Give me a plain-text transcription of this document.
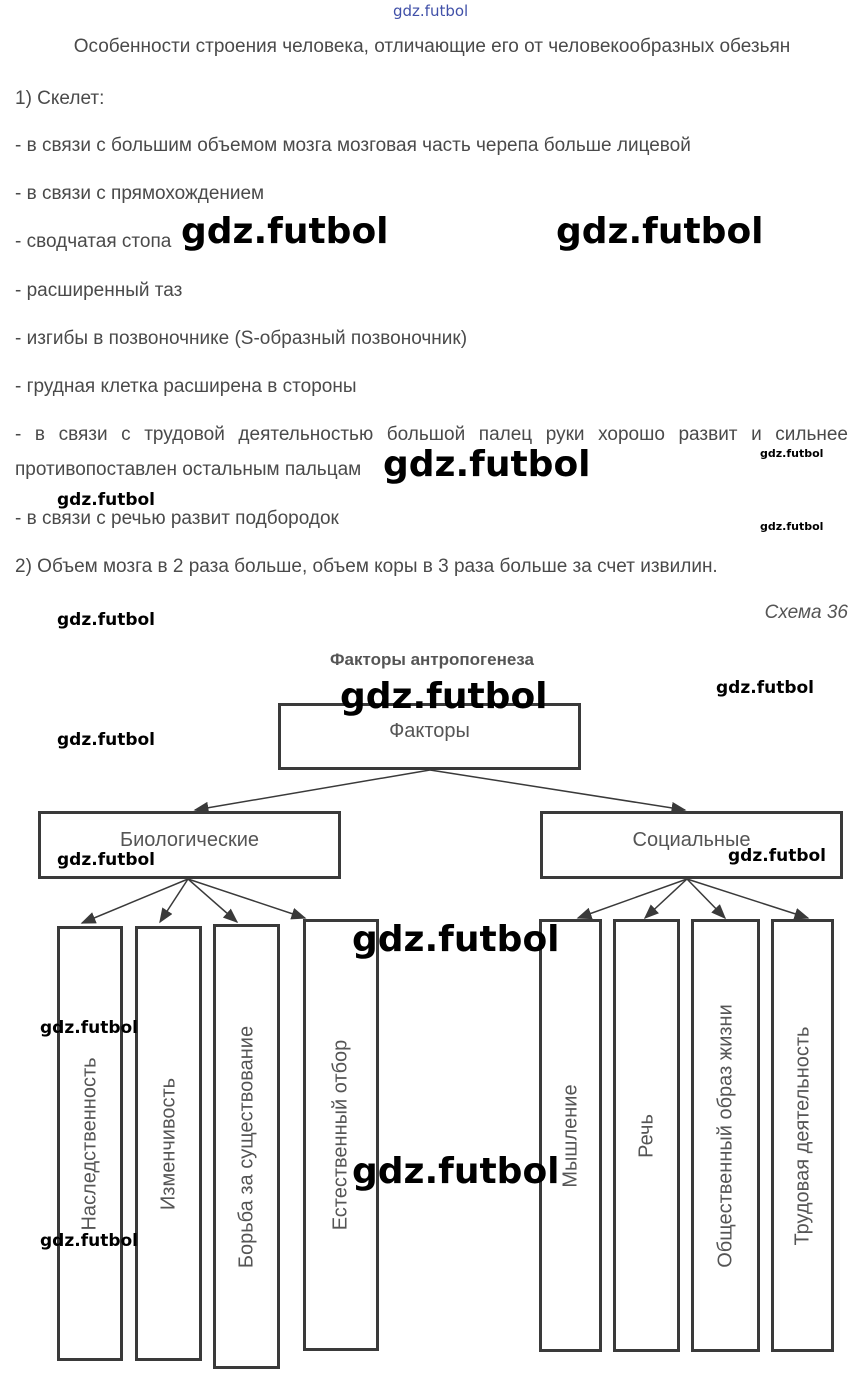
gdz.futbol
Особенности строения человека, отличающие его от человекообразных обезьян
1) Скелет:
- в связи с большим объемом мозга мозговая часть черепа больше лицевой
- в связи с прямохождением
- сводчатая стопа
- расширенный таз
- изгибы в позвоночнике (S-образный позвоночник)
- грудная клетка расширена в стороны
- в связи с трудовой деятельностью большой палец руки хорошо развит и сильнее
противопоставлен остальным пальцам
- в связи с речью развит подбородок
2) Объем мозга в 2 раза больше, объем коры в 3 раза больше за счет извилин.
Схема 36
Факторы антропогенеза
Факторы
Биологические	Социальные
Наследственность	Изменчивость	Борьба за существование	Естественный отбор	Мышление	Речь	Общественный образ жизни	Трудовая деятельность
gdz.futbol	gdz.futbol
gdz.futbol	gdz.futbol
gdz.futbol
gdz.futbol
gdz.futbol
gdz.futbol	gdz.futbol
gdz.futbol
gdz.futbol	gdz.futbol
gdz.futbol
gdz.futbol
gdz.futbol
gdz.futbol
